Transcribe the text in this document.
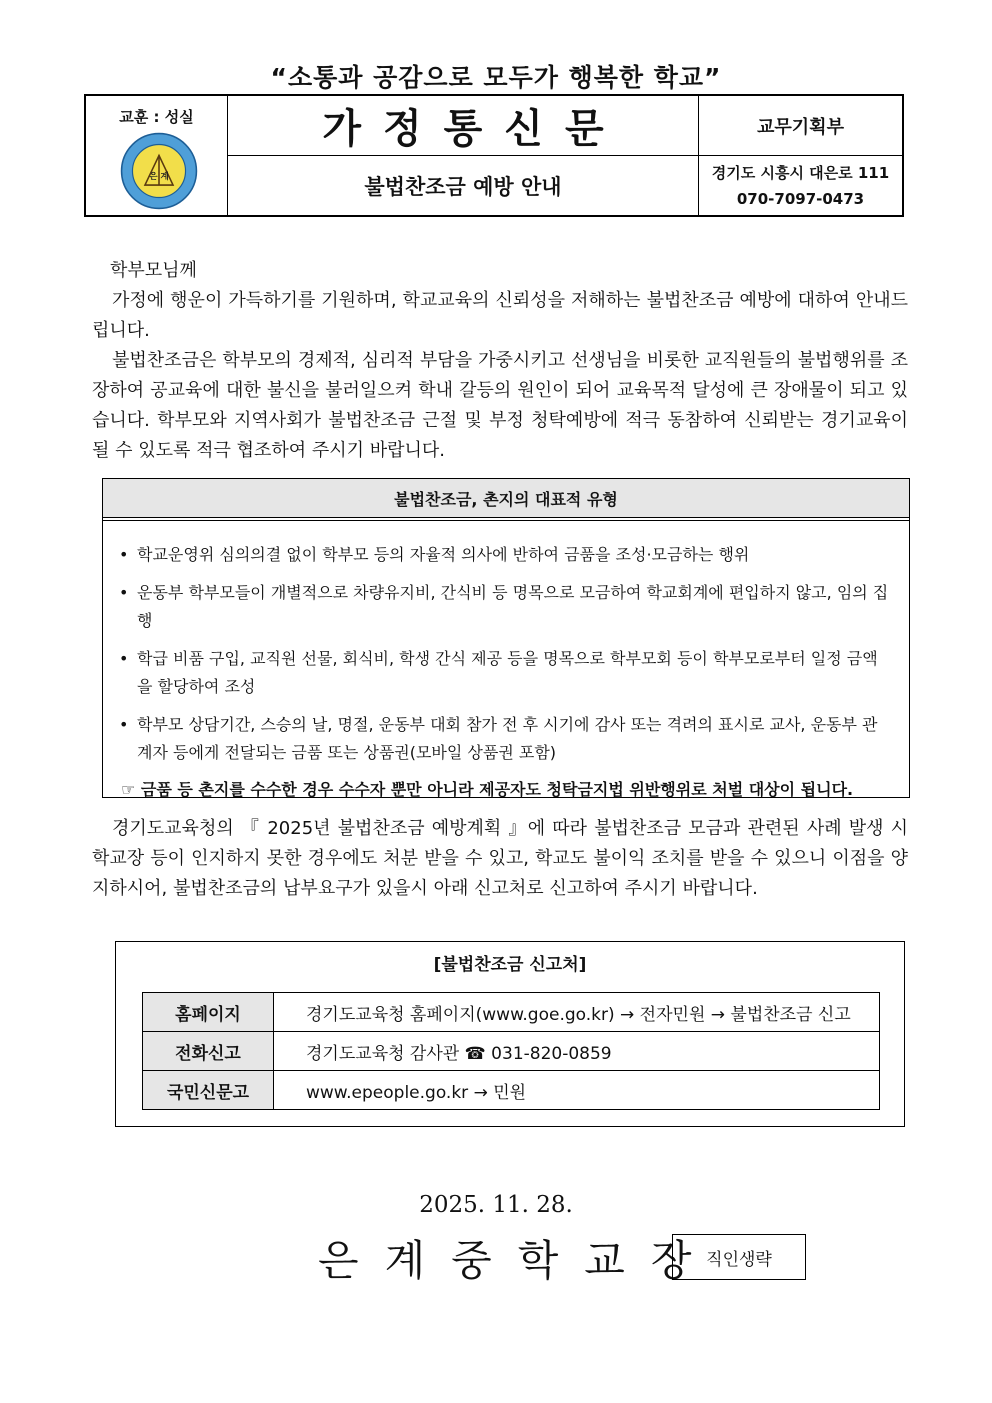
“소통과 공감으로 모두가 행복한 학교”
교훈 : 성실
은 계
가정통신문	교무기획부
불법찬조금 예방 안내
경기도 시흥시 대은로 111
070-7097-0473
학부모님께
가정에 행운이 가득하기를 기원하며, 학교교육의 신뢰성을 저해하는 불법찬조금 예방에 대하여 안내드립니다.
불법찬조금은 학부모의 경제적, 심리적 부담을 가중시키고 선생님을 비롯한 교직원들의 불법행위를 조장하여 공교육에 대한 불신을 불러일으켜 학내 갈등의 원인이 되어 교육목적 달성에 큰 장애물이 되고 있습니다. 학부모와 지역사회가 불법찬조금 근절 및 부정 청탁예방에 적극 동참하여 신뢰받는 경기교육이 될 수 있도록 적극 협조하여 주시기 바랍니다.
불법찬조금, 촌지의 대표적 유형
• 학교운영위 심의의결 없이 학부모 등의 자율적 의사에 반하여 금품을 조성·모금하는 행위
• 운동부 학부모들이 개별적으로 차량유지비, 간식비 등 명목으로 모금하여 학교회계에 편입하지 않고, 임의 집행
• 학급 비품 구입, 교직원 선물, 회식비, 학생 간식 제공 등을 명목으로 학부모회 등이 학부모로부터 일정 금액을 할당하여 조성
• 학부모 상담기간, 스승의 날, 명절, 운동부 대회 참가 전 후 시기에 감사 또는 격려의 표시로 교사, 운동부 관계자 등에게 전달되는 금품 또는 상품권(모바일 상품권 포함)
☞ 금품 등 촌지를 수수한 경우 수수자 뿐만 아니라 제공자도 청탁금지법 위반행위로 처벌 대상이 됩니다.
경기도교육청의 『 2025년 불법찬조금 예방계획 』에 따라 불법찬조금 모금과 관련된 사례 발생 시 학교장 등이 인지하지 못한 경우에도 처분 받을 수 있고, 학교도 불이익 조치를 받을 수 있으니 이점을 양지하시어, 불법찬조금의 납부요구가 있을시 아래 신고처로 신고하여 주시기 바랍니다.
[불법찬조금 신고처]
홈페이지	경기도교육청 홈페이지(www.goe.go.kr) → 전자민원 → 불법찬조금 신고
전화신고	경기도교육청 감사관 ☎ 031-820-0859
국민신문고	www.epeople.go.kr → 민원
2025. 11. 28.
은계중학교장
직인생략
